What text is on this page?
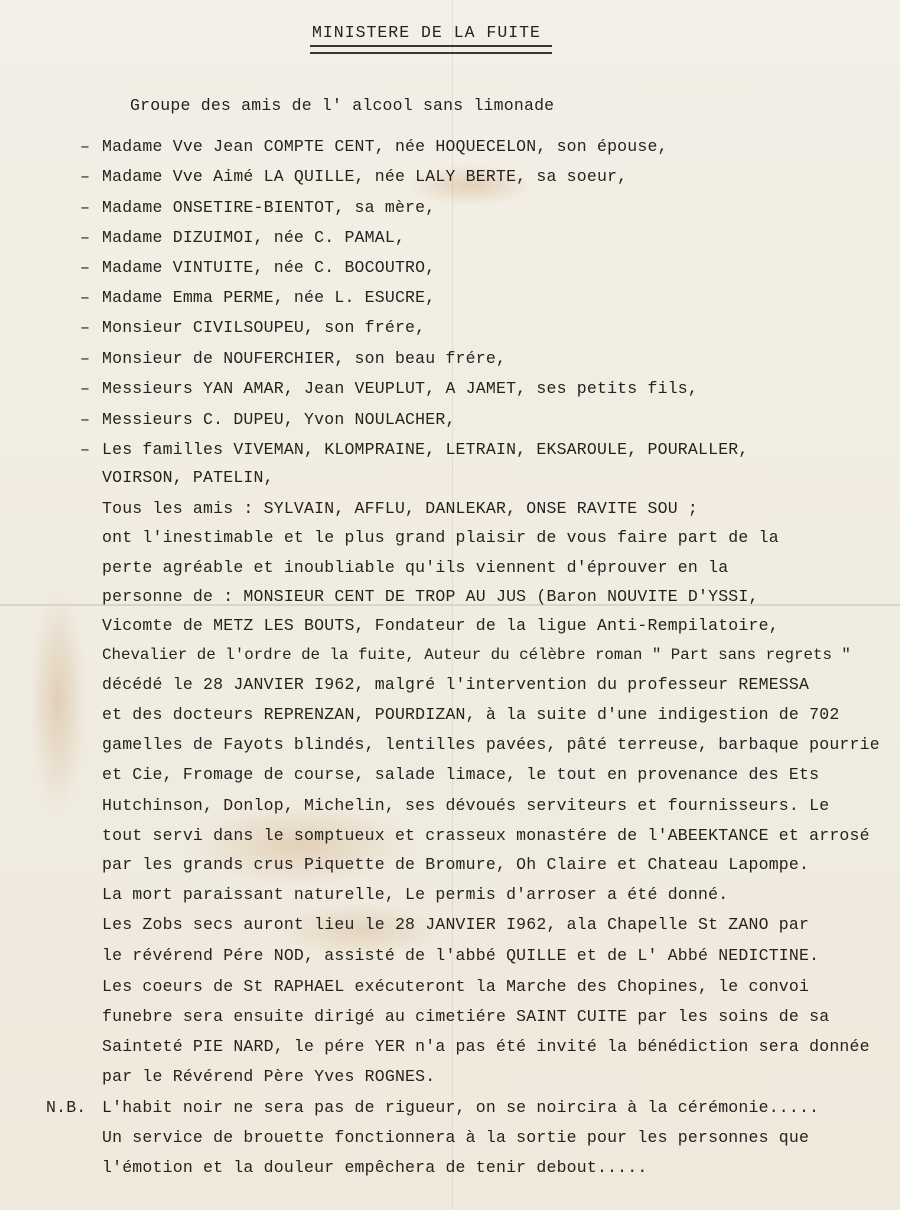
MINISTERE DE LA FUITE

Groupe des amis de l' alcool sans limonade

– Madame Vve Jean COMPTE CENT, née HOQUECELON, son épouse,

– Madame Vve Aimé LA QUILLE, née LALY BERTE, sa soeur,

– Madame ONSETIRE-BIENTOT, sa mère,

– Madame DIZUIMOI, née C. PAMAL,

– Madame VINTUITE, née C. BOCOUTRO,

– Madame Emma PERME, née L. ESUCRE,

– Monsieur CIVILSOUPEU, son frére,

– Monsieur de NOUFERCHIER, son beau frére,

– Messieurs YAN AMAR, Jean VEUPLUT, A JAMET, ses petits fils,

– Messieurs C. DUPEU, Yvon NOULACHER,

– Les familles VIVEMAN, KLOMPRAINE, LETRAIN, EKSAROULE, POURALLER,

VOIRSON, PATELIN,

Tous les amis : SYLVAIN, AFFLU, DANLEKAR, ONSE RAVITE SOU ;

ont l'inestimable et le plus grand plaisir de vous faire part de la

perte agréable et inoubliable qu'ils viennent d'éprouver en la

personne de : MONSIEUR CENT DE TROP AU JUS (Baron NOUVITE D'YSSI,

Vicomte de METZ LES BOUTS, Fondateur de la ligue Anti-Rempilatoire,

Chevalier de l'ordre de la fuite, Auteur du célèbre roman " Part sans regrets "

décédé le 28 JANVIER I962, malgré l'intervention du professeur REMESSA

et des docteurs REPRENZAN, POURDIZAN, à la suite d'une indigestion de 702

gamelles de Fayots blindés, lentilles pavées, pâté terreuse, barbaque pourrie

et Cie, Fromage de course, salade limace, le tout en provenance des Ets

Hutchinson, Donlop, Michelin, ses dévoués serviteurs et fournisseurs. Le

tout servi dans le somptueux et crasseux monastére de l'ABEEKTANCE et arrosé

par les grands crus Piquette de Bromure, Oh Claire et Chateau Lapompe.

La mort paraissant naturelle, Le permis d'arroser a été donné.

Les Zobs secs auront lieu le 28 JANVIER I962, ala Chapelle St ZANO par

le révérend Pére NOD, assisté de l'abbé QUILLE et de L' Abbé NEDICTINE.

Les coeurs de St RAPHAEL exécuteront la Marche des Chopines, le convoi

funebre sera ensuite dirigé au cimetiére SAINT CUITE par les soins de sa

Sainteté PIE NARD, le pére YER n'a pas été invité la bénédiction sera donnée

par le Révérend Père Yves ROGNES.

N.B. L'habit noir ne sera pas de rigueur, on se noircira à la cérémonie.....

Un service de brouette fonctionnera à la sortie pour les personnes que

l'émotion et la douleur empêchera de tenir debout.....
